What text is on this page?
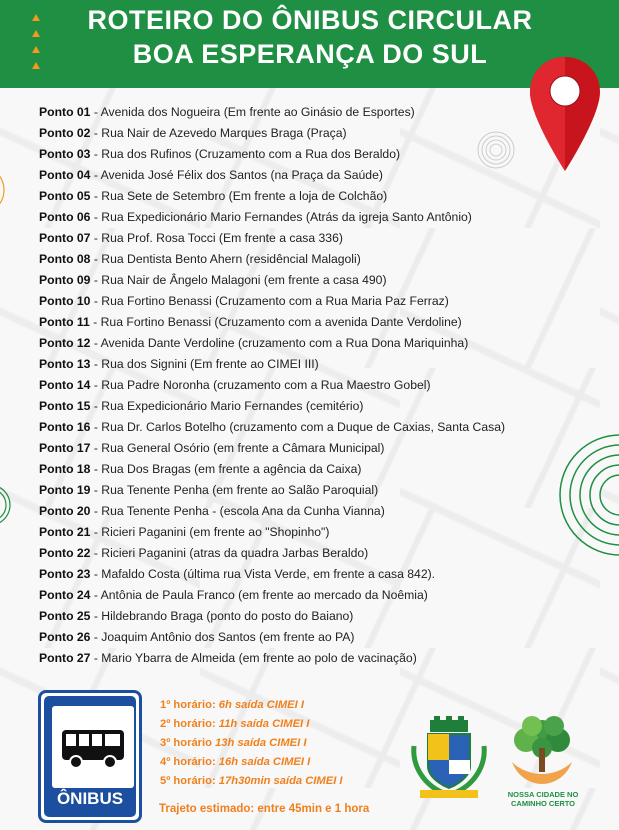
ROTEIRO DO ÔNIBUS CIRCULAR
BOA ESPERANÇA DO SUL
Ponto 01 - Avenida dos Nogueira (Em frente ao Ginásio de Esportes)
Ponto 02 - Rua Nair de Azevedo Marques Braga (Praça)
Ponto 03 - Rua dos Rufinos (Cruzamento com a Rua dos Beraldo)
Ponto 04 - Avenida José Félix dos Santos (na Praça da Saúde)
Ponto 05 - Rua Sete de Setembro (Em frente a loja de Colchão)
Ponto 06 - Rua Expedicionário Mario Fernandes (Atrás da igreja Santo Antônio)
Ponto 07 - Rua Prof. Rosa Tocci (Em frente a casa 336)
Ponto 08 - Rua Dentista Bento Ahern (residêncial Malagoli)
Ponto 09 - Rua Nair de Ângelo Malagoni (em frente a casa 490)
Ponto 10 - Rua Fortino Benassi (Cruzamento com a Rua Maria Paz Ferraz)
Ponto 11 - Rua Fortino Benassi (Cruzamento com a avenida Dante Verdoline)
Ponto 12 - Avenida Dante Verdoline (cruzamento com a Rua Dona Mariquinha)
Ponto 13 - Rua dos Signini (Em frente ao CIMEI III)
Ponto 14 - Rua Padre Noronha (cruzamento com a Rua Maestro Gobel)
Ponto 15 - Rua Expedicionário Mario Fernandes (cemitério)
Ponto 16 - Rua Dr. Carlos Botelho (cruzamento com a Duque de Caxias, Santa Casa)
Ponto 17 - Rua General Osório (em frente a Câmara Municipal)
Ponto 18 - Rua Dos Bragas (em frente a agência da Caixa)
Ponto 19 - Rua Tenente Penha (em frente ao Salão Paroquial)
Ponto 20 - Rua Tenente Penha - (escola Ana da Cunha Vianna)
Ponto 21 - Ricieri Paganini (em frente ao "Shopinho")
Ponto 22 - Ricieri Paganini (atras da quadra Jarbas Beraldo)
Ponto 23 - Mafaldo Costa (última rua Vista Verde, em frente a casa 842).
Ponto 24 - Antônia de Paula Franco (em frente ao mercado da Noêmia)
Ponto 25 - Hildebrando Braga (ponto do posto do Baiano)
Ponto 26 - Joaquim Antônio dos Santos (em frente ao PA)
Ponto 27 - Mario Ybarra de Almeida (em frente ao polo de vacinação)
ÔNIBUS
1º horário: 6h saída CIMEI I
2º horário: 11h saída CIMEI I
3º horário 13h saída CIMEI I
4º horário: 16h saída CIMEI I
5º horário: 17h30min saída CIMEI I
Trajeto estimado: entre 45min e 1 hora
NOSSA CIDADE NO
CAMINHO CERTO
